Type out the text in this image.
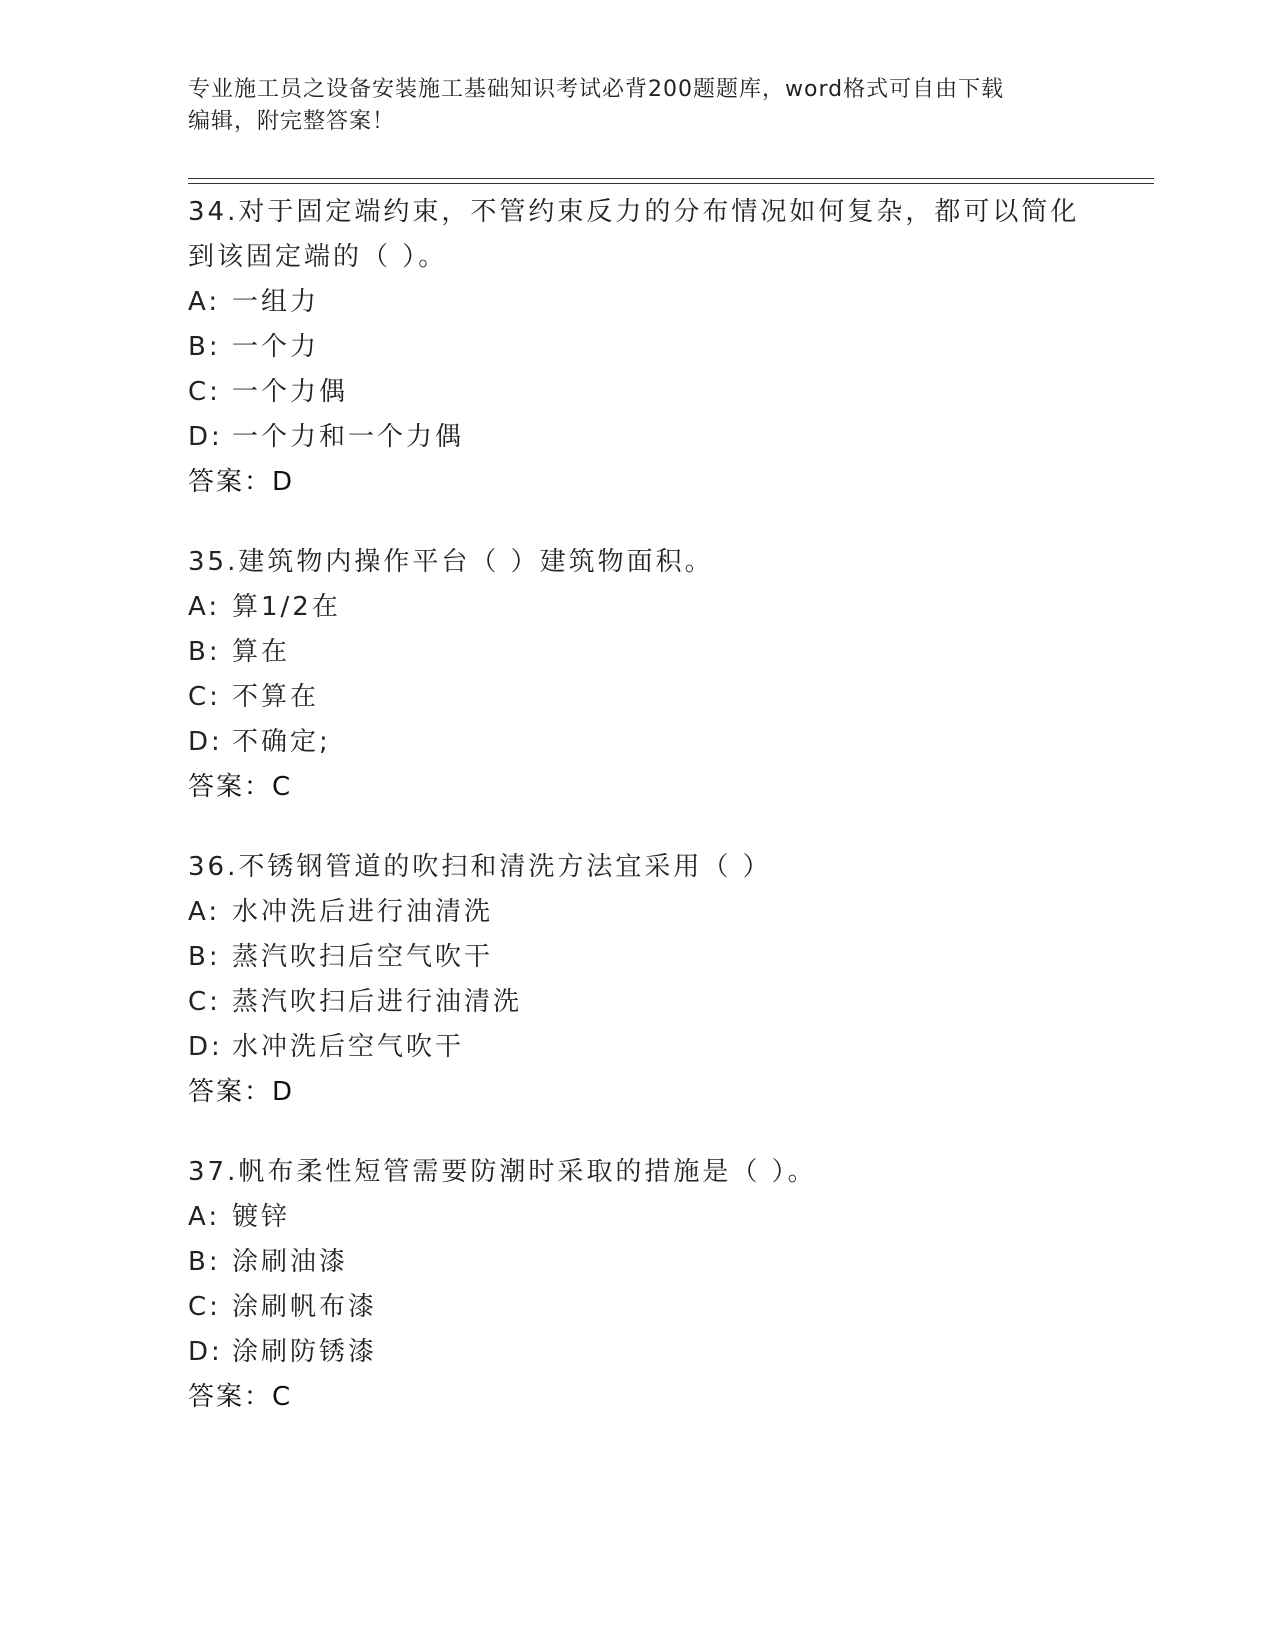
专业施工员之设备安装施工基础知识考试必背200题题库，word格式可自由下载
编辑，附完整答案！

34.对于固定端约束，不管约束反力的分布情况如何复杂，都可以简化

到该固定端的（ ）。

A: 一组力

B: 一个力

C: 一个力偶

D: 一个力和一个力偶

答案：D

35.建筑物内操作平台（ ）建筑物面积。

A: 算1/2在

B: 算在

C: 不算在

D: 不确定;

答案：C

36.不锈钢管道的吹扫和清洗方法宜采用（ ）

A: 水冲洗后进行油清洗

B: 蒸汽吹扫后空气吹干

C: 蒸汽吹扫后进行油清洗

D: 水冲洗后空气吹干

答案：D

37.帆布柔性短管需要防潮时采取的措施是（ ）。

A: 镀锌

B: 涂刷油漆

C: 涂刷帆布漆

D: 涂刷防锈漆

答案：C
